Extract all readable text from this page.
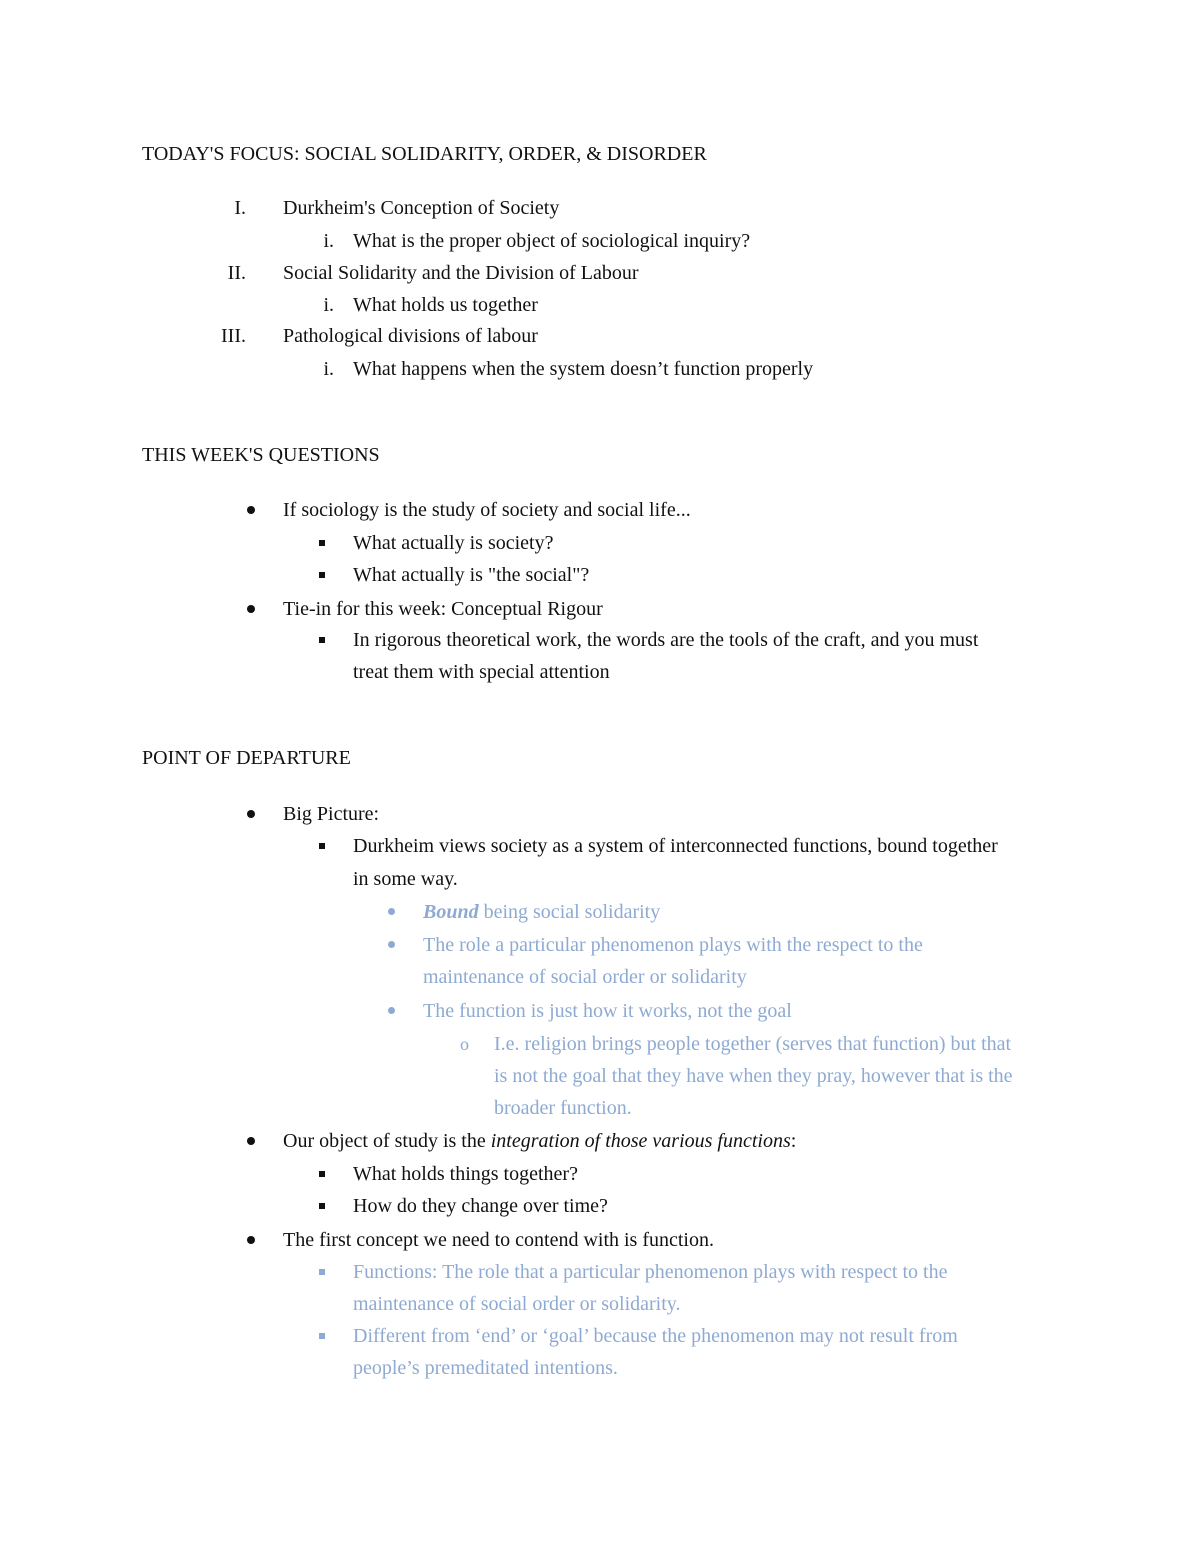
TODAY'S FOCUS: SOCIAL SOLIDARITY, ORDER, & DISORDER
I. Durkheim's Conception of Society
i. What is the proper object of sociological inquiry?
II. Social Solidarity and the Division of Labour
i. What holds us together
III. Pathological divisions of labour
i. What happens when the system doesn’t function properly
THIS WEEK'S QUESTIONS
If sociology is the study of society and social life...
What actually is society?
What actually is "the social"?
Tie-in for this week: Conceptual Rigour
In rigorous theoretical work, the words are the tools of the craft, and you must
treat them with special attention
POINT OF DEPARTURE
Big Picture:
Durkheim views society as a system of interconnected functions, bound together
in some way.
Bound being social solidarity
The role a particular phenomenon plays with the respect to the
maintenance of social order or solidarity
The function is just how it works, not the goal
o I.e. religion brings people together (serves that function) but that
is not the goal that they have when they pray, however that is the
broader function.
Our object of study is the integration of those various functions:
What holds things together?
How do they change over time?
The first concept we need to contend with is function.
Functions: The role that a particular phenomenon plays with respect to the
maintenance of social order or solidarity.
Different from ‘end’ or ‘goal’ because the phenomenon may not result from
people’s premeditated intentions.
